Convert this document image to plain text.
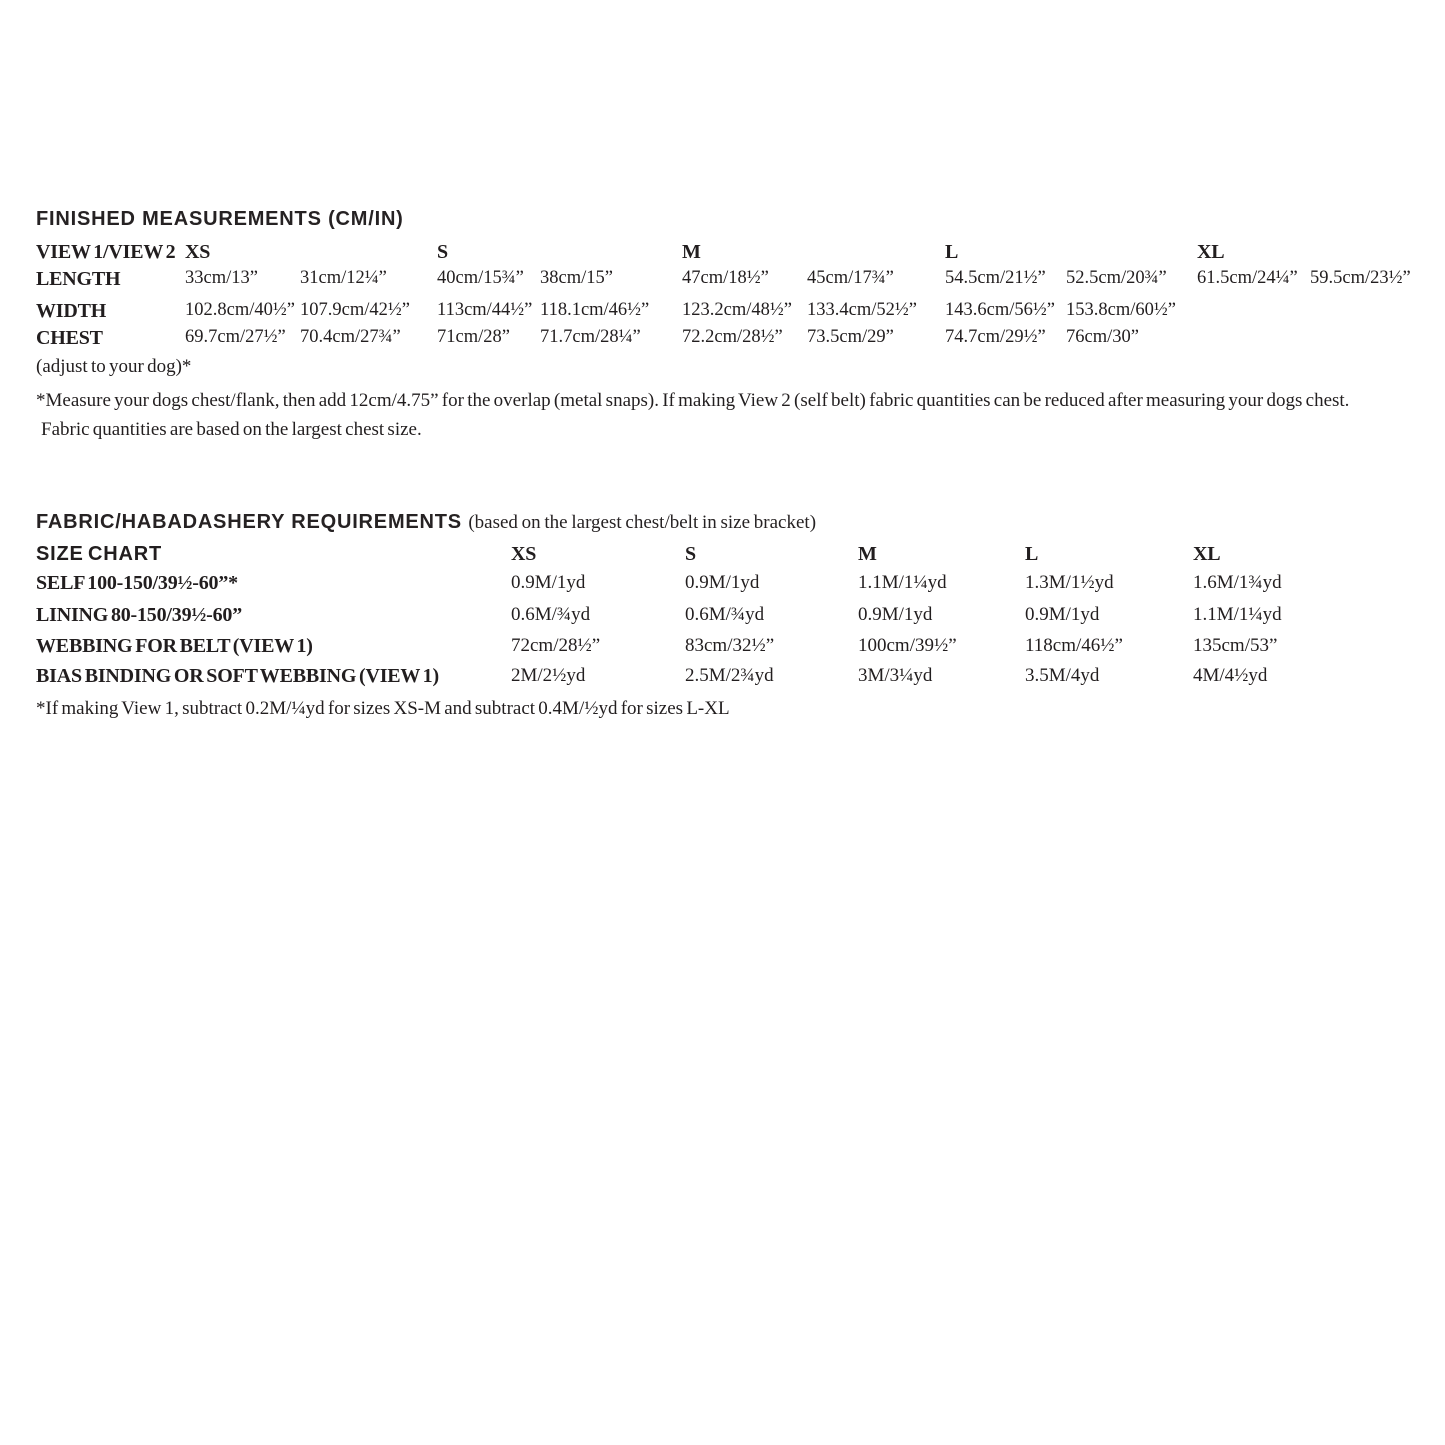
FINISHED MEASUREMENTS (CM/IN)
VIEW 1/VIEW 2 XS	S	M	L	XL
LENGTH	33cm/13”	31cm/12¼”	40cm/15¾” 38cm/15”	47cm/18½”	45cm/17¾”	54.5cm/21½”	52.5cm/20¾”	61.5cm/24¼” 59.5cm/23½”
WIDTH	102.8cm/40½” 107.9cm/42½”	113cm/44½” 118.1cm/46½”	123.2cm/48½” 133.4cm/52½”	143.6cm/56½” 153.8cm/60½”
CHEST	69.7cm/27½” 70.4cm/27¾”	71cm/28”	71.7cm/28¼”	72.2cm/28½”	73.5cm/29”	74.7cm/29½”	76cm/30”
(adjust to your dog)*
*Measure your dogs chest/flank, then add 12cm/4.75” for the overlap (metal snaps). If making View 2 (self belt) fabric quantities can be reduced after measuring your dogs chest.
Fabric quantities are based on the largest chest size.
FABRIC/HABADASHERY REQUIREMENTS (based on the largest chest/belt in size bracket)
SIZE CHART	XS	S	M	L	XL
SELF 100-150/39½-60”*	0.9M/1yd	0.9M/1yd	1.1M/1¼yd	1.3M/1½yd	1.6M/1¾yd
LINING 80-150/39½-60”	0.6M/¾yd	0.6M/¾yd	0.9M/1yd	0.9M/1yd	1.1M/1¼yd
WEBBING FOR BELT (VIEW 1)	72cm/28½”	83cm/32½”	100cm/39½”	118cm/46½”	135cm/53”
BIAS BINDING OR SOFT WEBBING (VIEW 1)	2M/2½yd	2.5M/2¾yd	3M/3¼yd	3.5M/4yd	4M/4½yd
*If making View 1, subtract 0.2M/¼yd for sizes XS-M and subtract 0.4M/½yd for sizes L-XL
